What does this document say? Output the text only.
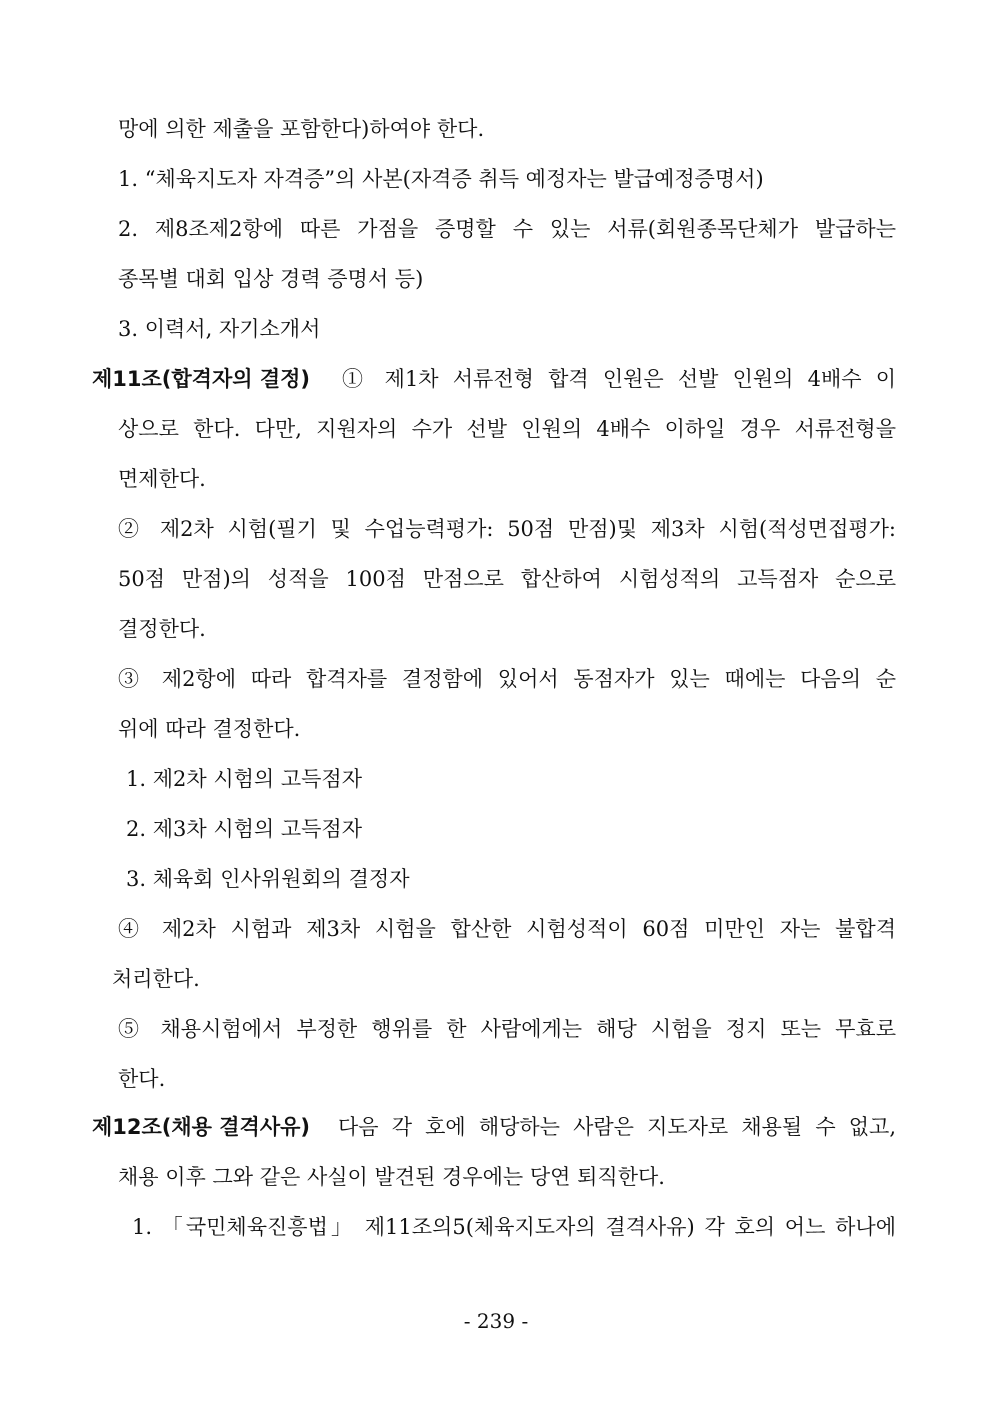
망에 의한 제출을 포함한다)하여야 한다.
1. “체육지도자 자격증”의 사본(자격증 취득 예정자는 발급예정증명서)
2. 제8조제2항에 따른 가점을 증명할 수 있는 서류(회원종목단체가 발급하는
종목별 대회 입상 경력 증명서 등)
3. 이력서, 자기소개서
제11조(합격자의 결정) ① 제1차 서류전형 합격 인원은 선발 인원의 4배수 이
상으로 한다. 다만, 지원자의 수가 선발 인원의 4배수 이하일 경우 서류전형을
면제한다.
② 제2차 시험(필기 및 수업능력평가: 50점 만점)및 제3차 시험(적성면접평가:
50점 만점)의 성적을 100점 만점으로 합산하여 시험성적의 고득점자 순으로
결정한다.
③ 제2항에 따라 합격자를 결정함에 있어서 동점자가 있는 때에는 다음의 순
위에 따라 결정한다.
1. 제2차 시험의 고득점자
2. 제3차 시험의 고득점자
3. 체육회 인사위원회의 결정자
④ 제2차 시험과 제3차 시험을 합산한 시험성적이 60점 미만인 자는 불합격
처리한다.
⑤ 채용시험에서 부정한 행위를 한 사람에게는 해당 시험을 정지 또는 무효로
한다.
제12조(채용 결격사유) 다음 각 호에 해당하는 사람은 지도자로 채용될 수 없고,
채용 이후 그와 같은 사실이 발견된 경우에는 당연 퇴직한다.
1. 「국민체육진흥법」 제11조의5(체육지도자의 결격사유) 각 호의 어느 하나에
- 239 -
